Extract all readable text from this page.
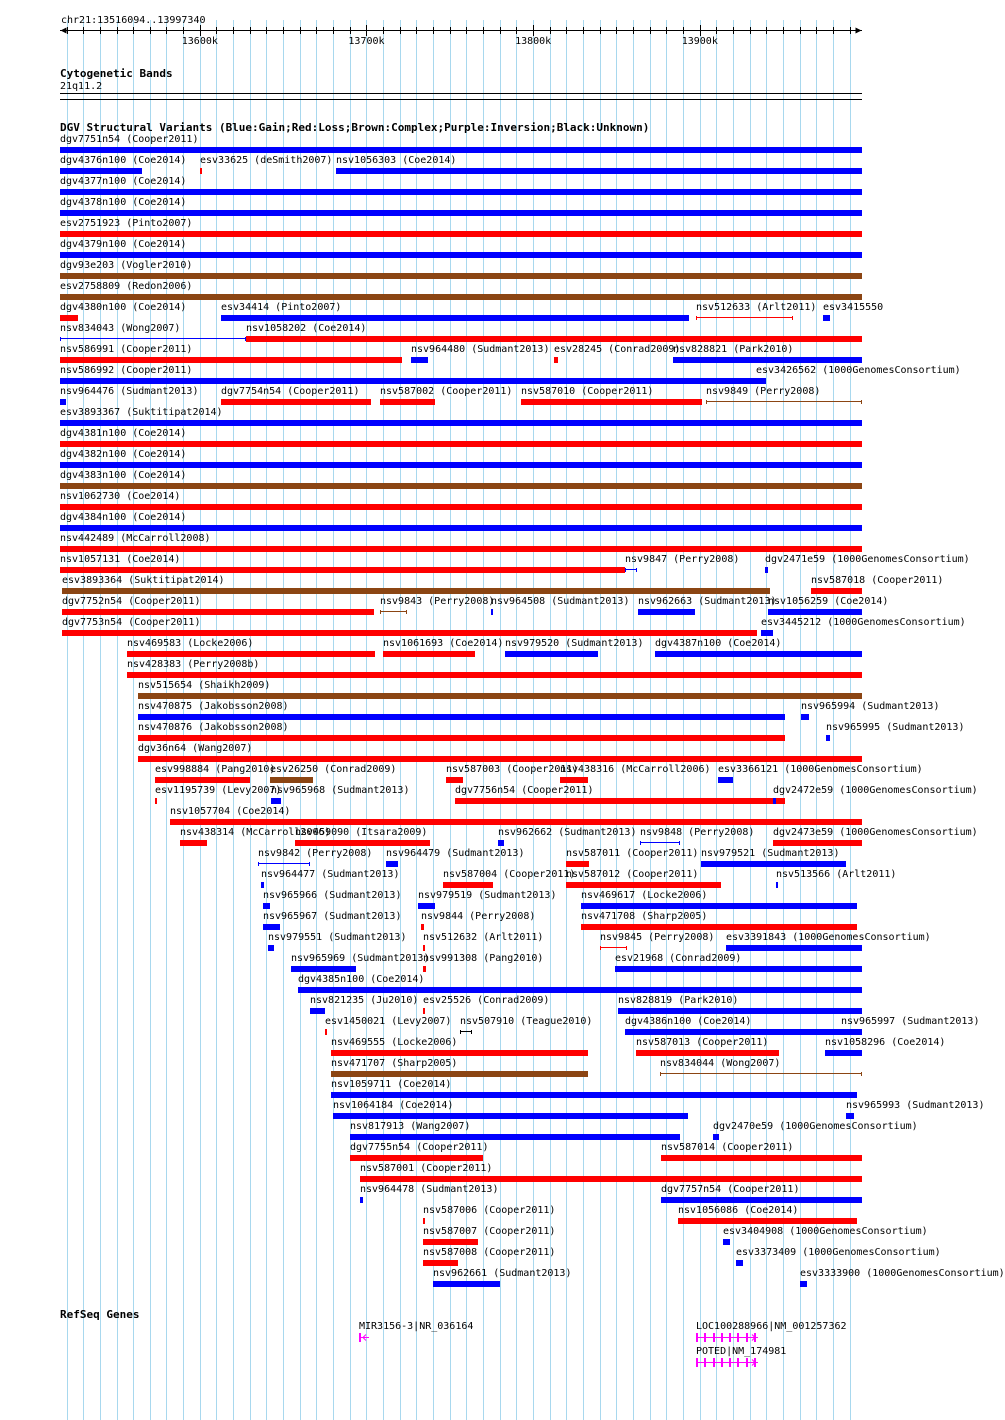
chr21:13516094..13997340
13600k	13700k	13800k	13900k
Cytogenetic Bands
21q11.2
DGV Structural Variants (Blue:Gain;Red:Loss;Brown:Complex;Purple:Inversion;Black:Unknown)
dgv7751n54 (Cooper2011)
dgv4376n100 (Coe2014) esv33625 (deSmith2007) nsv1056303 (Coe2014)
dgv4377n100 (Coe2014)
dgv4378n100 (Coe2014)
esv2751923 (Pinto2007)
dgv4379n100 (Coe2014)
dgv93e203 (Vogler2010)
esv2758809 (Redon2006)
dgv4380n100 (Coe2014)	esv34414 (Pinto2007)	nsv512633 (Arlt2011) esv3415550
nsv834043 (Wong2007)	nsv1058202 (Coe2014)
nsv586991 (Cooper2011)	nsv964480 (Sudmant2013) esv28245 (Conrad2009)
nsv828821 (Park2010)
nsv586992 (Cooper2011)	esv3426562 (1000GenomesConsortium)
nsv964476 (Sudmant2013) dgv7754n54 (Cooper2011) nsv587002 (Cooper2011) nsv587010 (Cooper2011)	nsv9849 (Perry2008)
esv3893367 (Suktitipat2014)
dgv4381n100 (Coe2014)
dgv4382n100 (Coe2014)
dgv4383n100 (Coe2014)
nsv1062730 (Coe2014)
dgv4384n100 (Coe2014)
nsv442489 (McCarroll2008)
nsv1057131 (Coe2014)	nsv9847 (Perry2008)	dgv2471e59 (1000GenomesConsortium)
esv3893364 (Suktitipat2014)	nsv587018 (Cooper2011)
dgv7752n54 (Cooper2011)	nsv9843 (Perry2008)
nsv964508 (Sudmant2013) nsv962663 (Sudmant2013)
nsv1056259 (Coe2014)
dgv7753n54 (Cooper2011)	esv3445212 (1000GenomesConsortium)
nsv469583 (Locke2006)	nsv1061693 (Coe2014) nsv979520 (Sudmant2013) dgv4387n100 (Coe2014)
nsv428383 (Perry2008b)
nsv515654 (Shaikh2009)
nsv470875 (Jakobsson2008)	nsv965994 (Sudmant2013)
nsv470876 (Jakobsson2008)	nsv965995 (Sudmant2013)
dgv36n64 (Wang2007)
esv998884 (Pang2010)
esv26250 (Conrad2009)	nsv587003 (Cooper2011)
nsv438316 (McCarroll2006) esv3366121 (1000GenomesConsortium)
esv1195739 (Levy2007)
nsv965968 (Sudmant2013)	dgv7756n54 (Cooper2011)	dgv2472e59 (1000GenomesConsortium)
nsv1057704 (Coe2014)
nsv438314 (McCarroll2006)
nsv459090 (Itsara2009)	nsv962662 (Sudmant2013) nsv9848 (Perry2008) dgv2473e59 (1000GenomesConsortium)
nsv9842 (Perry2008) nsv964479 (Sudmant2013)	nsv587011 (Cooper2011) nsv979521 (Sudmant2013)
nsv964477 (Sudmant2013)	nsv587004 (Cooper2011)
nsv587012 (Cooper2011)	nsv513566 (Arlt2011)
nsv965966 (Sudmant2013) nsv979519 (Sudmant2013) nsv469617 (Locke2006)
nsv965967 (Sudmant2013) nsv9844 (Perry2008)	nsv471708 (Sharp2005)
nsv979551 (Sudmant2013) nsv512632 (Arlt2011)	nsv9845 (Perry2008) esv3391843 (1000GenomesConsortium)
nsv965969 (Sudmant2013)
nsv991308 (Pang2010)	esv21968 (Conrad2009)
dgv4385n100 (Coe2014)
nsv821235 (Ju2010) esv25526 (Conrad2009)	nsv828819 (Park2010)
esv1450021 (Levy2007) nsv507910 (Teague2010)	dgv4386n100 (Coe2014)	nsv965997 (Sudmant2013)
nsv469555 (Locke2006)	nsv587013 (Cooper2011)	nsv1058296 (Coe2014)
nsv471707 (Sharp2005)	nsv834044 (Wong2007)
nsv1059711 (Coe2014)
nsv1064184 (Coe2014)	nsv965993 (Sudmant2013)
nsv817913 (Wang2007)	dgv2470e59 (1000GenomesConsortium)
dgv7755n54 (Cooper2011)	nsv587014 (Cooper2011)
nsv587001 (Cooper2011)
nsv964478 (Sudmant2013)	dgv7757n54 (Cooper2011)
nsv587006 (Cooper2011)	nsv1056086 (Coe2014)
nsv587007 (Cooper2011)	esv3404908 (1000GenomesConsortium)
nsv587008 (Cooper2011)	esv3373409 (1000GenomesConsortium)
nsv962661 (Sudmant2013)	esv3333900 (1000GenomesConsortium)
RefSeq Genes
MIR3156-3|NR_036164	LOC100288966|NM_001257362
POTED|NM_174981
